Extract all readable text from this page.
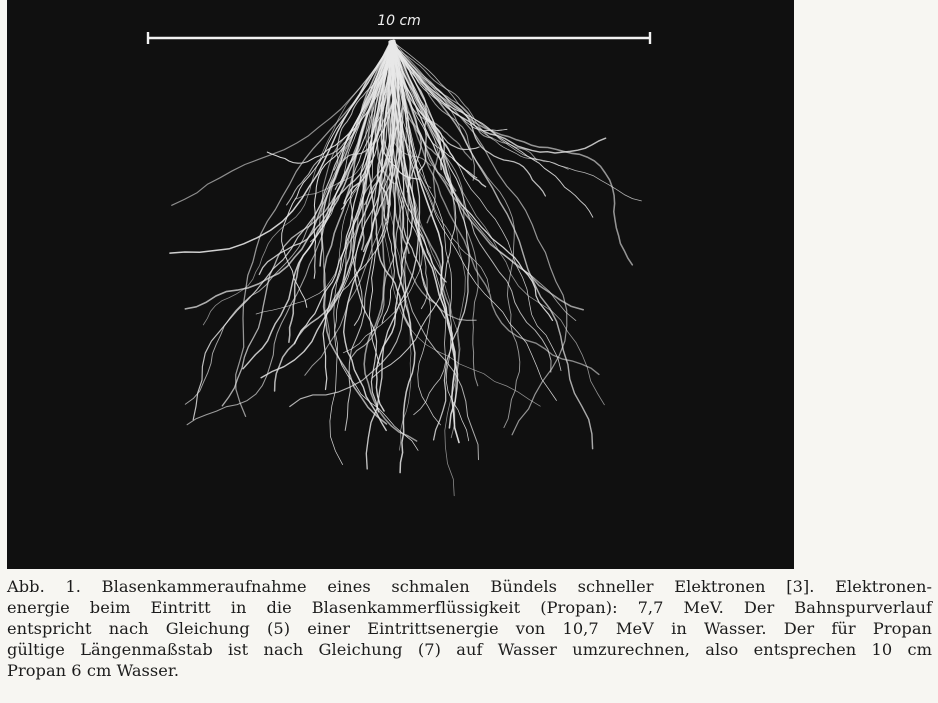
10 cm
Abb. 1. Blasenkammeraufnahme eines schmalen Bündels schneller Elektronen [3]. Elektronen-
energie beim Eintritt in die Blasenkammerflüssigkeit (Propan): 7,7 MeV. Der Bahnspurverlauf
entspricht nach Gleichung (5) einer Eintrittsenergie von 10,7 MeV in Wasser. Der für Propan
gültige Längenmaßstab ist nach Gleichung (7) auf Wasser umzurechnen, also entsprechen 10 cm
Propan 6 cm Wasser.
